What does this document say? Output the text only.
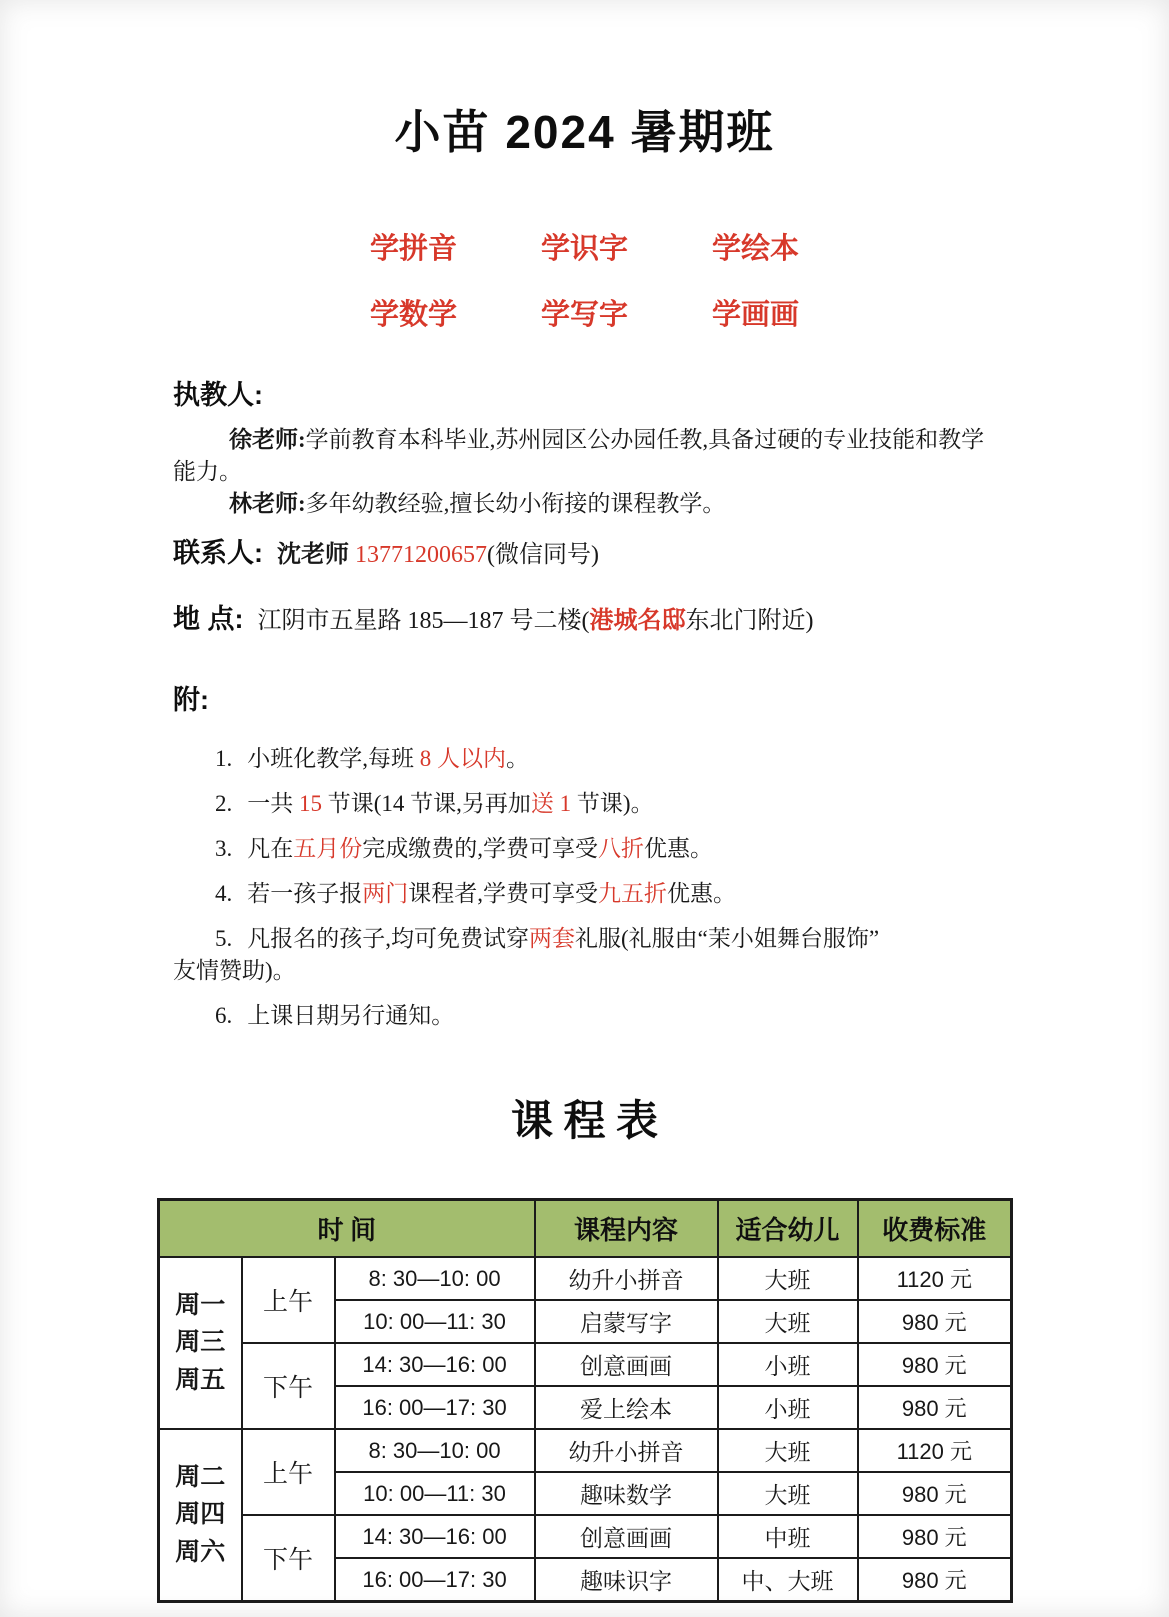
小苗 2024 暑期班
学拼音	学识字	学绘本
学数学	学写字	学画画
执教人:

徐老师:学前教育本科毕业,苏州园区公办园任教,具备过硬的专业技能和教学能力。

林老师:多年幼教经验,擅长幼小衔接的课程教学。

联系人: 沈老师 13771200657(微信同号)

地 点: 江阴市五星路 185—187 号二楼(港城名邸东北门附近)

附:

1. 小班化教学,每班 8 人以内。

2. 一共 15 节课(14 节课,另再加送 1 节课)。

3. 凡在五月份完成缴费的,学费可享受八折优惠。

4. 若一孩子报两门课程者,学费可享受九五折优惠。

5. 凡报名的孩子,均可免费试穿两套礼服(礼服由“茉小姐舞台服饰”
友情赞助)。

6. 上课日期另行通知。

课 程 表
时 间			课程内容	适合幼儿	收费标准

周一
周三
周五	上午	8: 30—10: 00	幼升小拼音	大班	1120 元
		10: 00—11: 30	启蒙写字	大班	980 元
	下午	14: 30—16: 00	创意画画	小班	980 元
		16: 00—17: 30	爱上绘本	小班	980 元

周二
周四
周六	上午	8: 30—10: 00	幼升小拼音	大班	1120 元
		10: 00—11: 30	趣味数学	大班	980 元
	下午	14: 30—16: 00	创意画画	中班	980 元
		16: 00—17: 30	趣味识字	中、大班	980 元
